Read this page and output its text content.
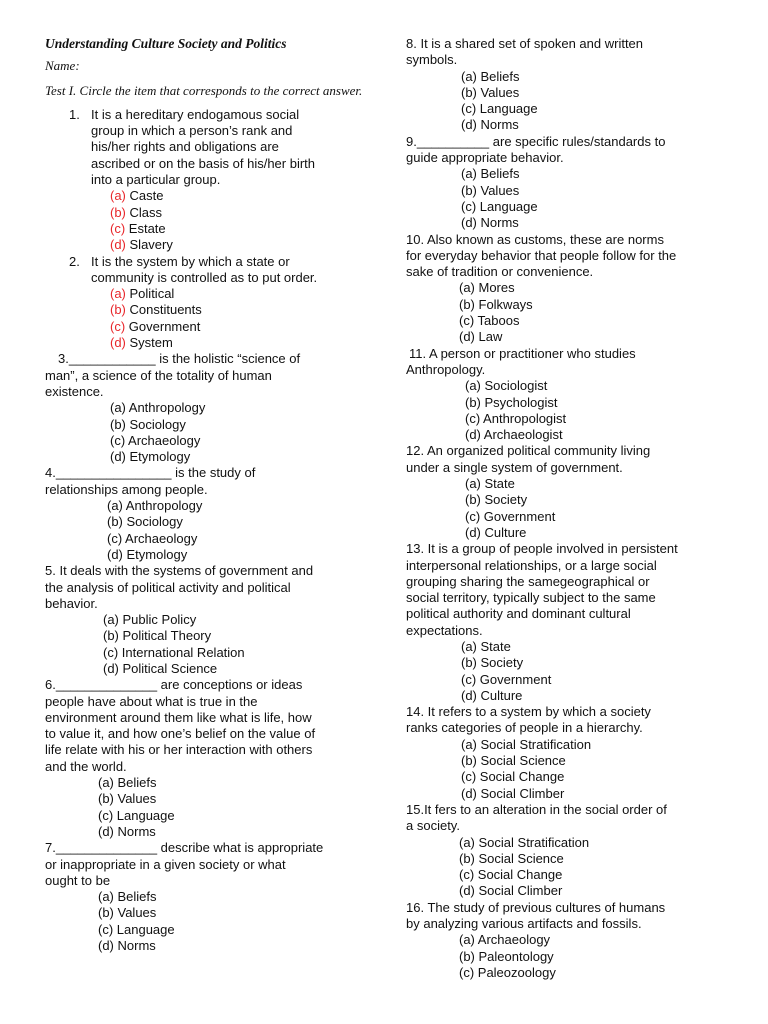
Understanding Culture Society and Politics
Name:
Test I. Circle the item that corresponds to the correct answer.
1. It is a hereditary endogamous social
group in which a person’s rank and
his/her rights and obligations are
ascribed or on the basis of his/her birth
into a particular group.
(a) Caste
(b) Class
(c) Estate
(d) Slavery
2. It is the system by which a state or
community is controlled as to put order.
(a) Political
(b) Constituents
(c) Government
(d) System
3.____________ is the holistic “science of
man”, a science of the totality of human
existence.
(a) Anthropology
(b) Sociology
(c) Archaeology
(d) Etymology
4.________________ is the study of
relationships among people.
(a) Anthropology
(b) Sociology
(c) Archaeology
(d) Etymology
5. It deals with the systems of government and
the analysis of political activity and political
behavior.
(a) Public Policy
(b) Political Theory
(c) International Relation
(d) Political Science
6.______________ are conceptions or ideas
people have about what is true in the
environment around them like what is life, how
to value it, and how one’s belief on the value of
life relate with his or her interaction with others
and the world.
(a) Beliefs
(b) Values
(c) Language
(d) Norms
7.______________ describe what is appropriate
or inappropriate in a given society or what
ought to be
(a) Beliefs
(b) Values
(c) Language
(d) Norms
8. It is a shared set of spoken and written
symbols.
(a) Beliefs
(b) Values
(c) Language
(d) Norms
9.__________ are specific rules/standards to
guide appropriate behavior.
(a) Beliefs
(b) Values
(c) Language
(d) Norms
10. Also known as customs, these are norms
for everyday behavior that people follow for the
sake of tradition or convenience.
(a) Mores
(b) Folkways
(c) Taboos
(d) Law
11. A person or practitioner who studies
Anthropology.
(a) Sociologist
(b) Psychologist
(c) Anthropologist
(d) Archaeologist
12. An organized political community living
under a single system of government.
(a) State
(b) Society
(c) Government
(d) Culture
13. It is a group of people involved in persistent
interpersonal relationships, or a large social
grouping sharing the samegeographical or
social territory, typically subject to the same
political authority and dominant cultural
expectations.
(a) State
(b) Society
(c) Government
(d) Culture
14. It refers to a system by which a society
ranks categories of people in a hierarchy.
(a) Social Stratification
(b) Social Science
(c) Social Change
(d) Social Climber
15.It fers to an alteration in the social order of
a society.
(a) Social Stratification
(b) Social Science
(c) Social Change
(d) Social Climber
16. The study of previous cultures of humans
by analyzing various artifacts and fossils.
(a) Archaeology
(b) Paleontology
(c) Paleozoology
